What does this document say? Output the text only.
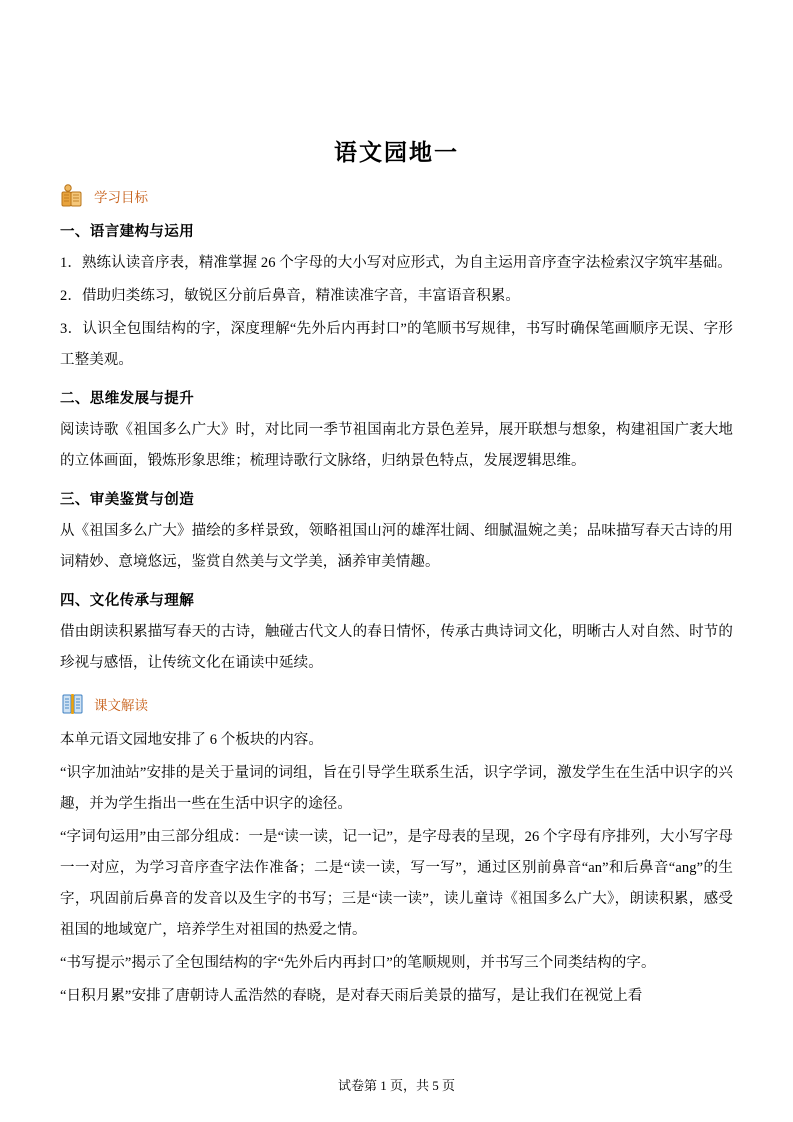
语文园地一
学习目标
一、语言建构与运用

1．熟练认读音序表，精准掌握 26 个字母的大小写对应形式，为自主运用音序查字法检索汉字筑牢基础。

2．借助归类练习，敏锐区分前后鼻音，精准读准字音，丰富语音积累。

3．认识全包围结构的字，深度理解“先外后内再封口”的笔顺书写规律，书写时确保笔画顺序无误、字形工整美观。

二、思维发展与提升

阅读诗歌《祖国多么广大》时，对比同一季节祖国南北方景色差异，展开联想与想象，构建祖国广袤大地的立体画面，锻炼形象思维；梳理诗歌行文脉络，归纳景色特点，发展逻辑思维。

三、审美鉴赏与创造

从《祖国多么广大》描绘的多样景致，领略祖国山河的雄浑壮阔、细腻温婉之美；品味描写春天古诗的用词精妙、意境悠远，鉴赏自然美与文学美，涵养审美情趣。

四、文化传承与理解

借由朗读积累描写春天的古诗，触碰古代文人的春日情怀，传承古典诗词文化，明晰古人对自然、时节的珍视与感悟，让传统文化在诵读中延续。

课文解读

本单元语文园地安排了 6 个板块的内容。

“识字加油站”安排的是关于量词的词组，旨在引导学生联系生活，识字学词，激发学生在生活中识字的兴趣，并为学生指出一些在生活中识字的途径。

“字词句运用”由三部分组成：一是“读一读，记一记”，是字母表的呈现，26 个字母有序排列，大小写字母一一对应，为学习音序查字法作准备；二是“读一读，写一写”，通过区别前鼻音“an”和后鼻音“ang”的生字，巩固前后鼻音的发音以及生字的书写；三是“读一读”，读儿童诗《祖国多么广大》，朗读积累，感受祖国的地域宽广，培养学生对祖国的热爱之情。

“书写提示”揭示了全包围结构的字“先外后内再封口”的笔顺规则，并书写三个同类结构的字。

“日积月累”安排了唐朝诗人孟浩然的春晓，是对春天雨后美景的描写，是让我们在视觉上看

试卷第 1 页，共 5 页
